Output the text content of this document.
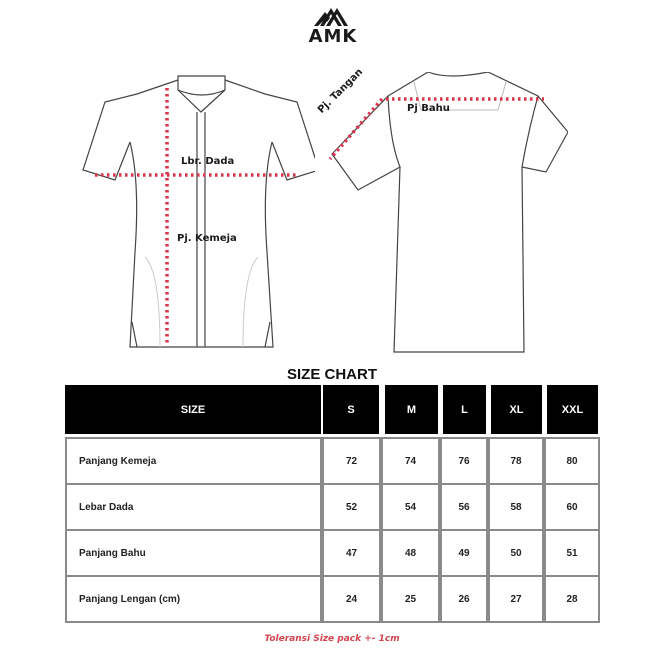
AMK
Lbr. Dada
Pj. Kemeja
Pj Bahu
Pj. Tangan
SIZE CHART
SIZE	S	M	L	XL	XXL
Panjang Kemeja	72	74	76	78	80
Lebar Dada	52	54	56	58	60
Panjang Bahu	47	48	49	50	51
Panjang Lengan (cm)	24	25	26	27	28
Toleransi Size pack +- 1cm
